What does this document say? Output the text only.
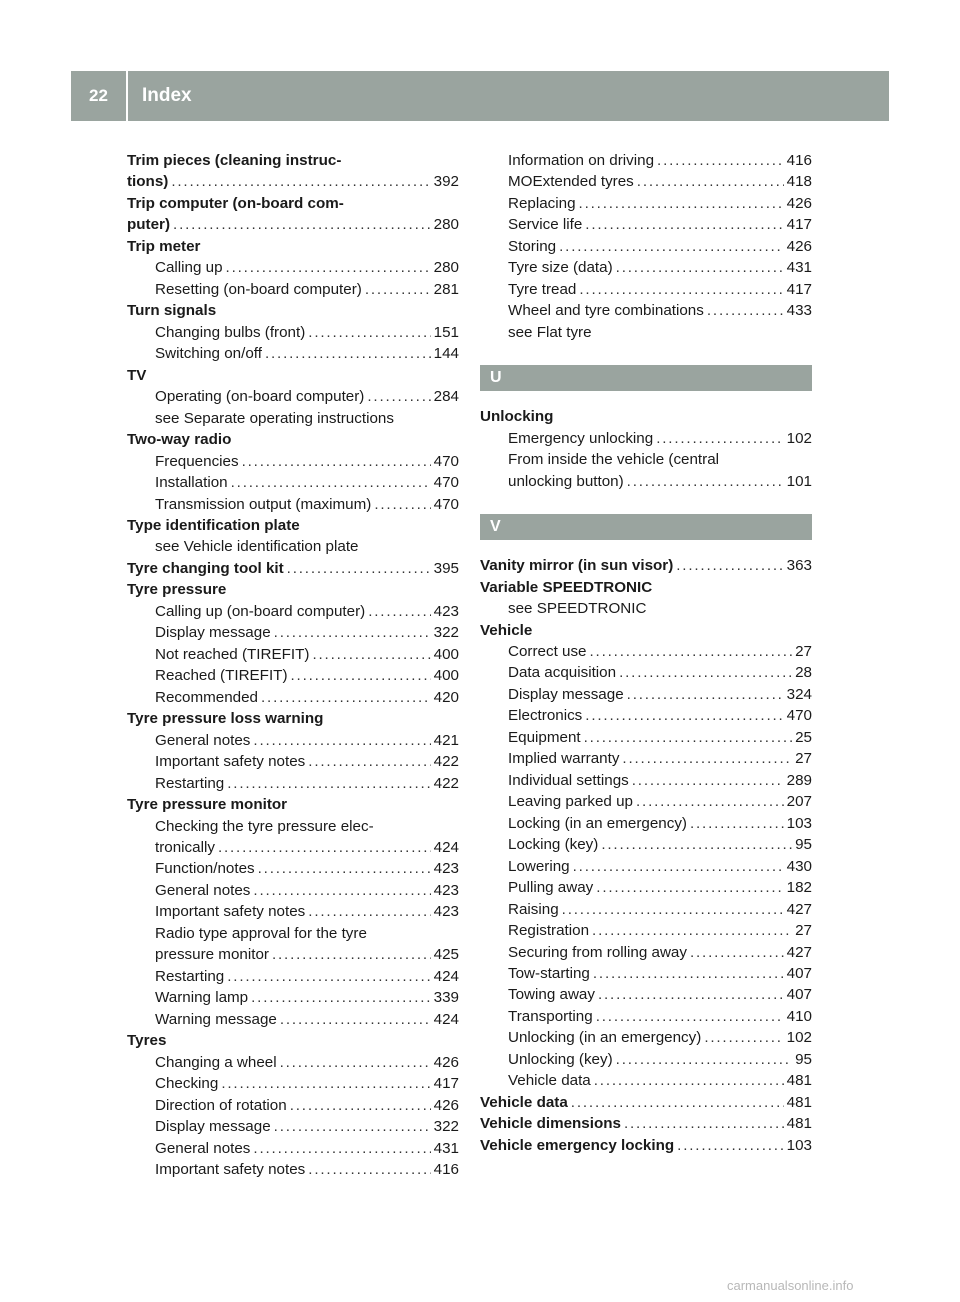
22	Index
Trim pieces (cleaning instruc-
tions) . . .	392
Trip computer (on-board com-
puter) . . .	280
Trip meter
Calling up . . .	280
Resetting (on-board computer) . . .	281
Turn signals
Changing bulbs (front) . . .	151
Switching on/off . . .	144
TV
Operating (on-board computer) . . .	284
see Separate operating instructions
Two-way radio
Frequencies . . .	470
Installation . . .	470
Transmission output (maximum) . . .	470
Type identification plate
see Vehicle identification plate
Tyre changing tool kit . . .	395
Tyre pressure
Calling up (on-board computer) . . .	423
Display message . . .	322
Not reached (TIREFIT) . . .	400
Reached (TIREFIT) . . .	400
Recommended . . .	420
Tyre pressure loss warning
General notes . . .	421
Important safety notes . . .	422
Restarting . . .	422
Tyre pressure monitor
Checking the tyre pressure elec-
tronically . . .	424
Function/notes . . .	423
General notes . . .	423
Important safety notes . . .	423
Radio type approval for the tyre
pressure monitor . . .	425
Restarting . . .	424
Warning lamp . . .	339
Warning message . . .	424
Tyres
Changing a wheel . . .	426
Checking . . .	417
Direction of rotation . . .	426
Display message . . .	322
General notes . . .	431
Important safety notes . . .	416
Information on driving . . .	416
MOExtended tyres . . .	418
Replacing . . .	426
Service life . . .	417
Storing . . .	426
Tyre size (data) . . .	431
Tyre tread . . .	417
Wheel and tyre combinations . . .	433
see Flat tyre
U
Unlocking
Emergency unlocking . . .	102
From inside the vehicle (central
unlocking button) . . .	101
V
Vanity mirror (in sun visor) . . .	363
Variable SPEEDTRONIC
see SPEEDTRONIC
Vehicle
Correct use . . .	27
Data acquisition . . .	28
Display message . . .	324
Electronics . . .	470
Equipment . . .	25
Implied warranty . . .	27
Individual settings . . .	289
Leaving parked up . . .	207
Locking (in an emergency) . . .	103
Locking (key) . . .	95
Lowering . . .	430
Pulling away . . .	182
Raising . . .	427
Registration . . .	27
Securing from rolling away . . .	427
Tow-starting . . .	407
Towing away . . .	407
Transporting . . .	410
Unlocking (in an emergency) . . .	102
Unlocking (key) . . .	95
Vehicle data . . .	481
Vehicle data . . .	481
Vehicle dimensions . . .	481
Vehicle emergency locking . . .	103
carmanualsonline.info
